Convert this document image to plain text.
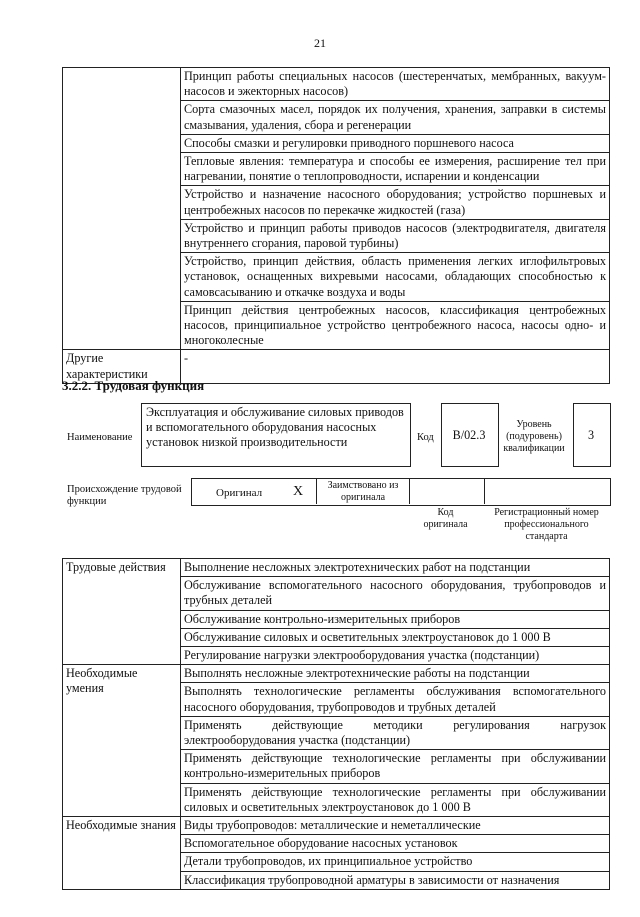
21
	Принцип работы специальных насосов (шестеренчатых, мембранных, вакуум-насосов и эжекторных насосов)
	Сорта смазочных масел, порядок их получения, хранения, заправки в системы смазывания, удаления, сбора и регенерации
	Способы смазки и регулировки приводного поршневого насоса
	Тепловые явления: температура и способы ее измерения, расширение тел при нагревании, понятие о теплопроводности, испарении и конденсации
	Устройство и назначение насосного оборудования; устройство поршневых и центробежных насосов по перекачке жидкостей (газа)
	Устройство и принцип работы приводов насосов (электродвигателя, двигателя внутреннего сгорания, паровой турбины)
	Устройство, принцип действия, область применения легких иглофильтровых установок, оснащенных вихревыми насосами, обладающих способностью к самовсасыванию и откачке воздуха и воды
	Принцип действия центробежных насосов, классификация центробежных насосов, принципиальное устройство центробежного насоса, насосы одно- и многоколесные
Другие характеристики	-
3.2.2. Трудовая функция
Наименование
Эксплуатация и обслуживание силовых приводов и вспомогательного оборудования насосных установок низкой производительности	Код	В/02.3
Уровень (подуровень) квалификации
3
Происхождение трудовой функции
Оригинал X	Заимствовано из оригинала
Код оригинала
Регистрационный номер профессионального стандарта
Трудовые действия	Выполнение несложных электротехнических работ на подстанции
	Обслуживание вспомогательного насосного оборудования, трубопроводов и трубных деталей
	Обслуживание контрольно-измерительных приборов
	Обслуживание силовых и осветительных электроустановок до 1 000 В
	Регулирование нагрузки электрооборудования участка (подстанции)
Необходимые умения	Выполнять несложные электротехнические работы на подстанции
	Выполнять технологические регламенты обслуживания вспомогательного насосного оборудования, трубопроводов и трубных деталей
	Применять действующие методики регулирования нагрузок электрооборудования участка (подстанции)
	Применять действующие технологические регламенты при обслуживании контрольно-измерительных приборов
	Применять действующие технологические регламенты при обслуживании силовых и осветительных электроустановок до 1 000 В
Необходимые знания	Виды трубопроводов: металлические и неметаллические
	Вспомогательное оборудование насосных установок
	Детали трубопроводов, их принципиальное устройство
	Классификация трубопроводной арматуры в зависимости от назначения
